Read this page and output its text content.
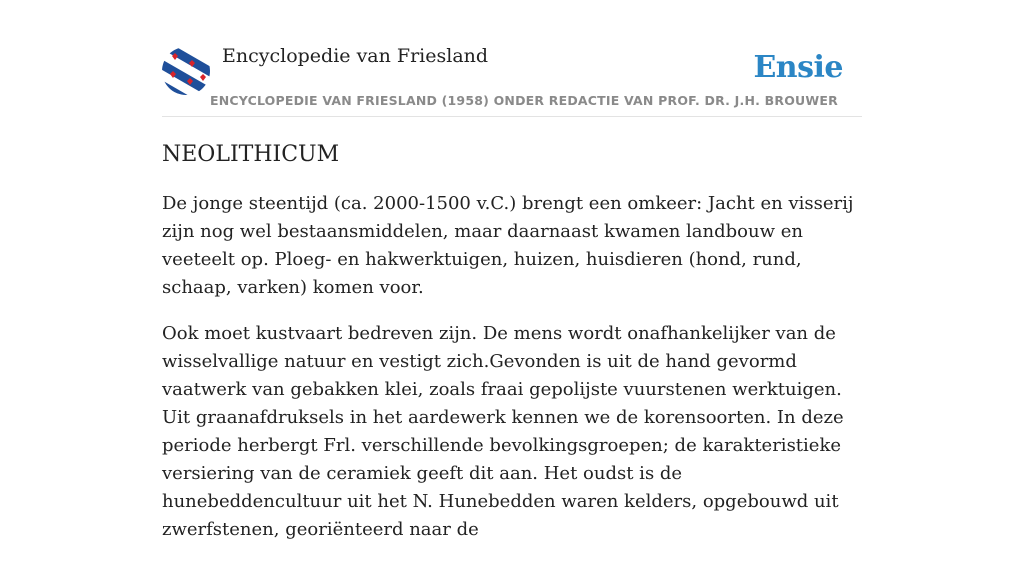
Encyclopedie van Friesland
ENCYCLOPEDIE VAN FRIESLAND (1958) ONDER REDACTIE VAN PROF. DR. J.H. BROUWER
Ensie
NEOLITHICUM

De jonge steentijd (ca. 2000-1500 v.C.) brengt een omkeer: Jacht en visserij zijn nog wel bestaansmiddelen, maar daarnaast kwamen landbouw en veeteelt op. Ploeg- en hakwerktuigen, huizen, huisdieren (hond, rund, schaap, varken) komen voor.

Ook moet kustvaart bedreven zijn. De mens wordt onafhankelijker van de wisselvallige natuur en vestigt zich.Gevonden is uit de hand gevormd vaatwerk van gebakken klei, zoals fraai gepolijste vuurstenen werktuigen. Uit graanafdruksels in het aardewerk kennen we de korensoorten. In deze periode herbergt Frl. verschillende bevolkingsgroepen; de karakteristieke versiering van de ceramiek geeft dit aan. Het oudst is de hunebeddencultuur uit het N. Hunebedden waren kelders, opgebouwd uit zwerfstenen, georiënteerd naar de
